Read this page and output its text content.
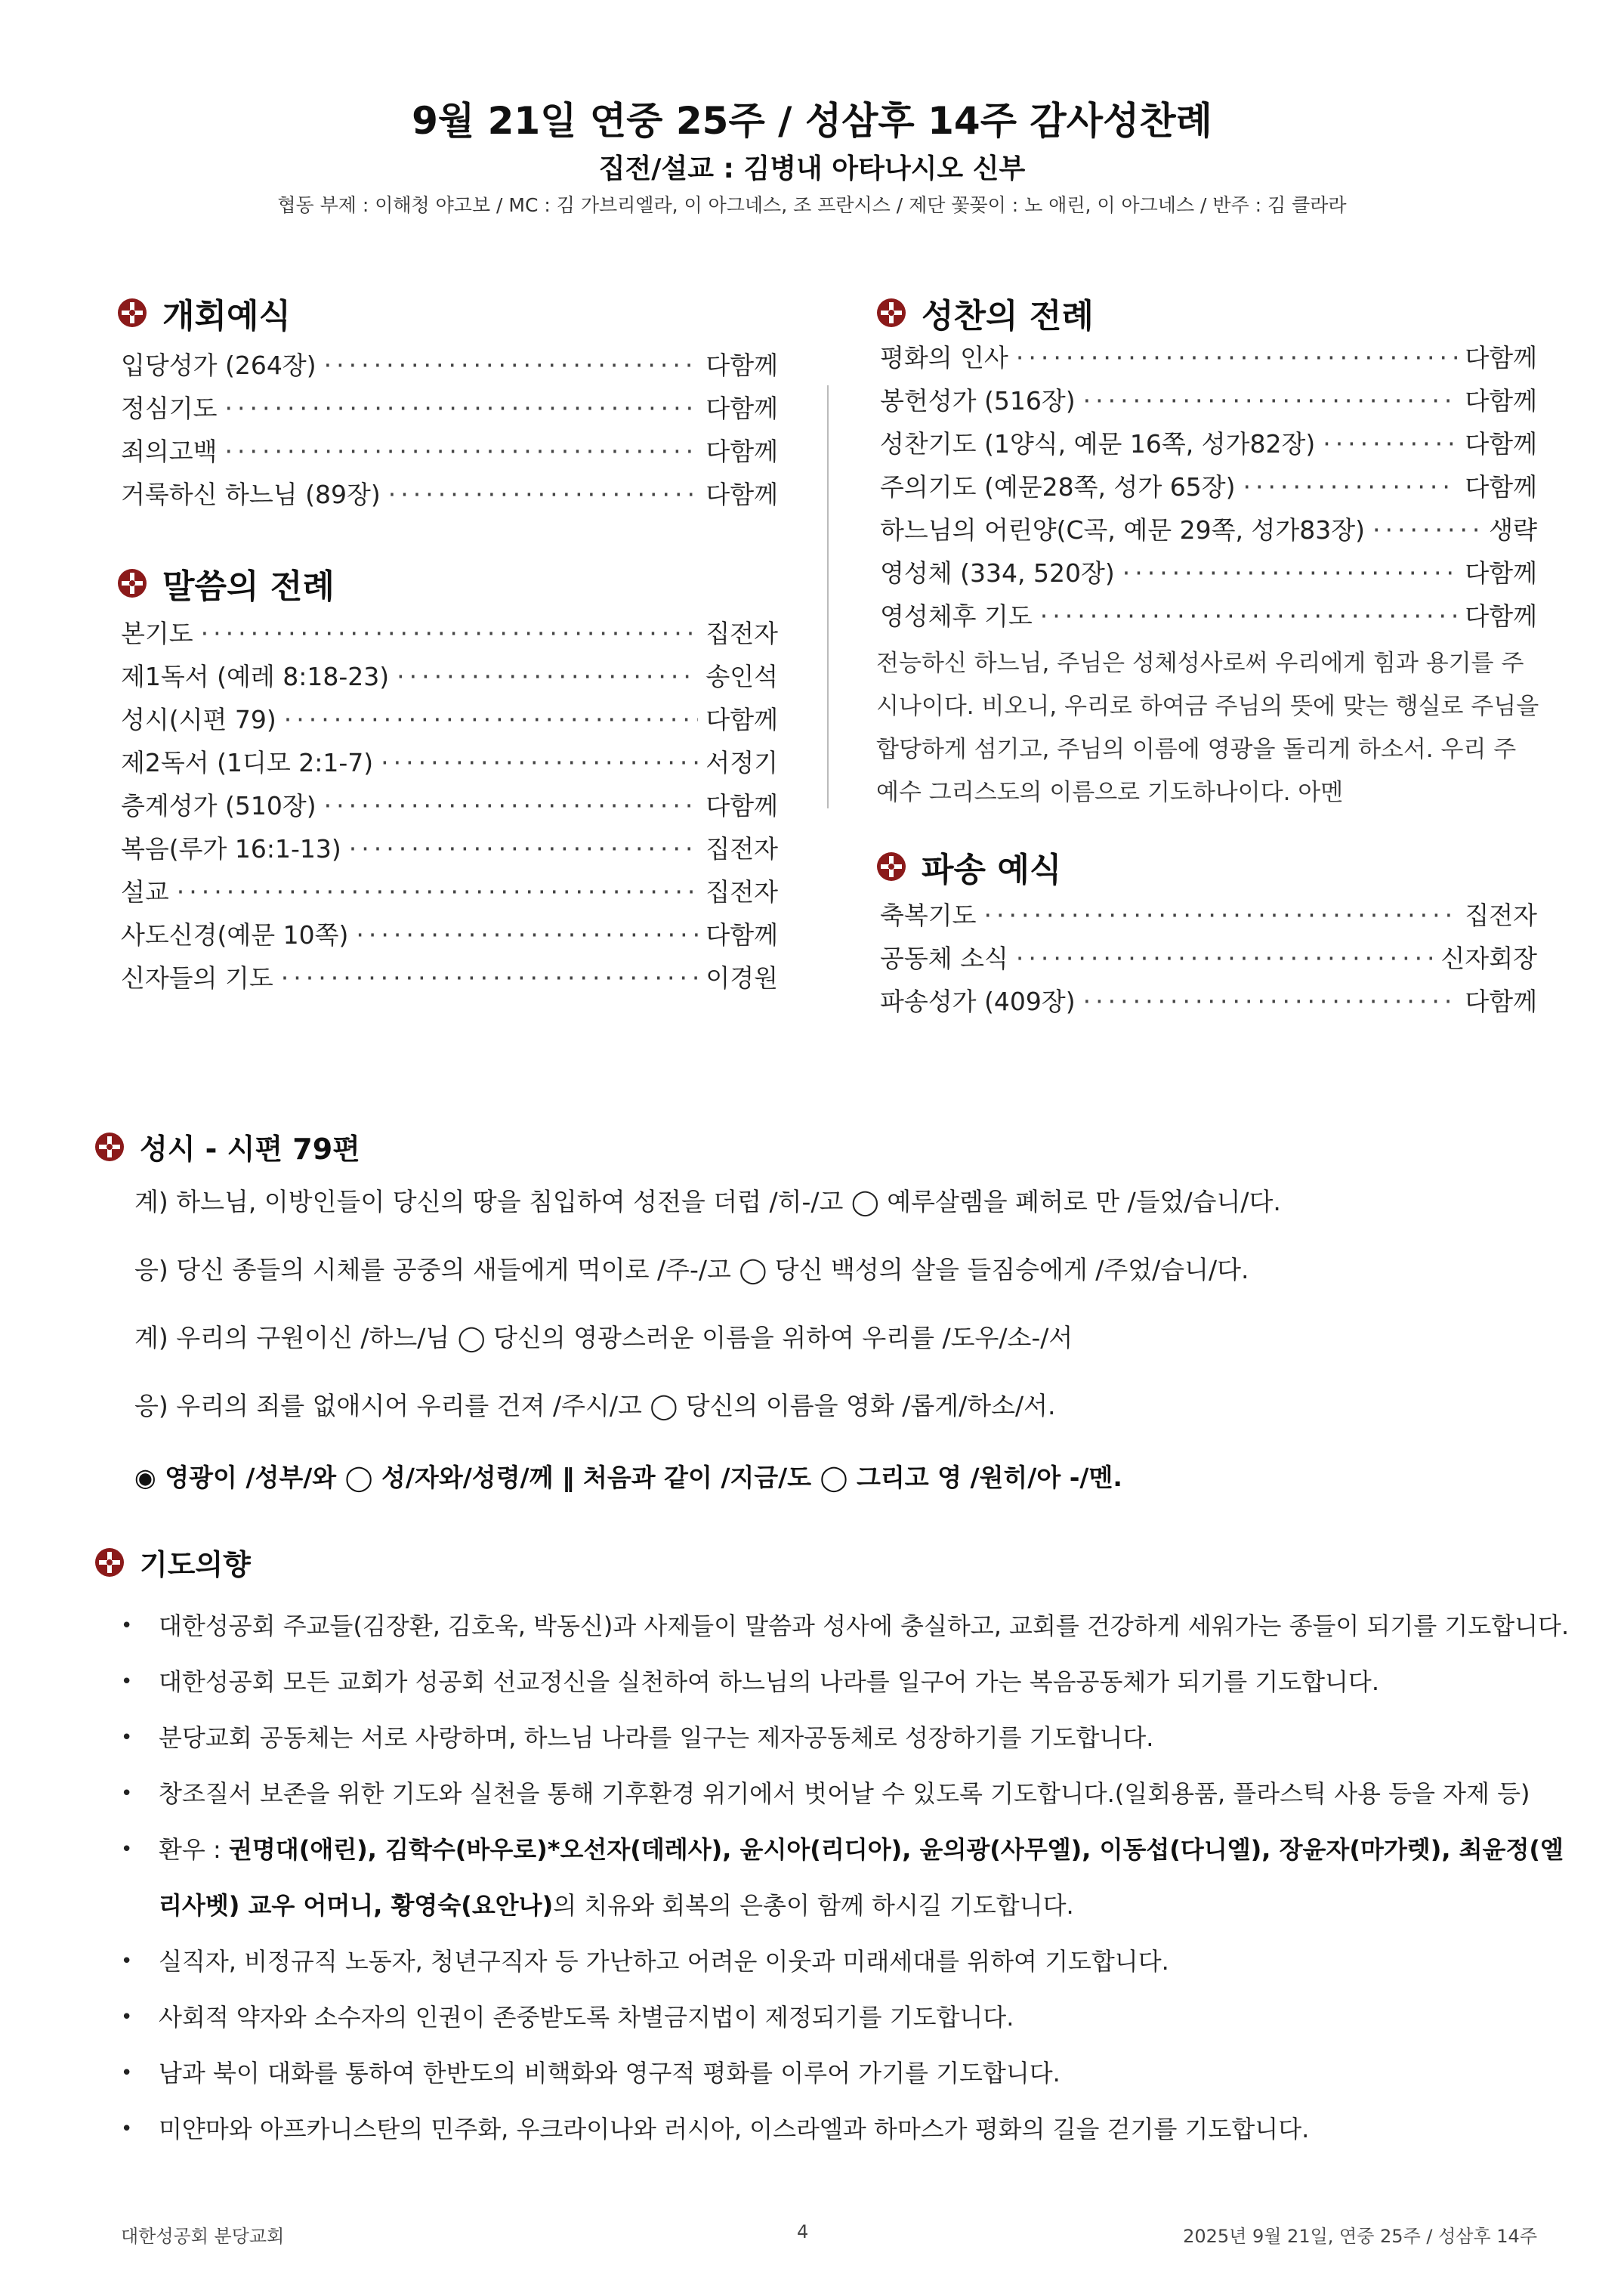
9월 21일 연중 25주 / 성삼후 14주 감사성찬례
집전/설교 : 김병내 아타나시오 신부
협동 부제 : 이해청 야고보 / MC : 김 가브리엘라, 이 아그네스, 조 프란시스 / 제단 꽃꽂이 : 노 애린, 이 아그네스 / 반주 : 김 클라라
개회예식
입당성가 (264장) ·····	다함께
정심기도 ·····	다함께
죄의고백 ·····	다함께
거룩하신 하느님 (89장) ·····	다함께
말씀의 전례
본기도 ·····	집전자
제1독서 (예레 8:18-23) ·····	송인석
성시(시편 79) ·····	다함께
제2독서 (1디모 2:1-7) ·····	서정기
층계성가 (510장) ·····	다함께
복음(루가 16:1-13) ·····	집전자
설교 ·····	집전자
사도신경(예문 10쪽) ·····	다함께
신자들의 기도 ·····	이경원
성찬의 전례
평화의 인사 ·····	다함께
봉헌성가 (516장) ·····	다함께
성찬기도 (1양식, 예문 16쪽, 성가82장) ·····	다함께
주의기도 (예문28쪽, 성가 65장) ·····	다함께
하느님의 어린양(C곡, 예문 29쪽, 성가83장) ·····	생략
영성체 (334, 520장) ·····	다함께
영성체후 기도 ·····	다함께
전능하신 하느님, 주님은 성체성사로써 우리에게 힘과 용기를 주시나이다. 비오니, 우리로 하여금 주님의 뜻에 맞는 행실로 주님을 합당하게 섬기고, 주님의 이름에 영광을 돌리게 하소서. 우리 주 예수 그리스도의 이름으로 기도하나이다. 아멘
파송 예식
축복기도 ·····	집전자
공동체 소식 ·····	신자회장
파송성가 (409장) ·····	다함께
성시 - 시편 79편
계) 하느님, 이방인들이 당신의 땅을 침입하여 성전을 더럽 /히-/고 ◯ 예루살렘을 폐허로 만 /들었/습니/다.
응) 당신 종들의 시체를 공중의 새들에게 먹이로 /주-/고 ◯ 당신 백성의 살을 들짐승에게 /주었/습니/다.
계) 우리의 구원이신 /하느/님 ◯ 당신의 영광스러운 이름을 위하여 우리를 /도우/소-/서
응) 우리의 죄를 없애시어 우리를 건져 /주시/고 ◯ 당신의 이름을 영화 /롭게/하소/서.
◉ 영광이 /성부/와 ◯ 성/자와/성령/께 ‖ 처음과 같이 /지금/도 ◯ 그리고 영 /원히/아 -/멘.
기도의향
•	대한성공회 주교들(김장환, 김호욱, 박동신)과 사제들이 말씀과 성사에 충실하고, 교회를 건강하게 세워가는 종들이 되기를 기도합니다.
•	대한성공회 모든 교회가 성공회 선교정신을 실천하여 하느님의 나라를 일구어 가는 복음공동체가 되기를 기도합니다.
•	분당교회 공동체는 서로 사랑하며, 하느님 나라를 일구는 제자공동체로 성장하기를 기도합니다.
•	창조질서 보존을 위한 기도와 실천을 통해 기후환경 위기에서 벗어날 수 있도록 기도합니다.(일회용품, 플라스틱 사용 등을 자제 등)
•	환우 : 권명대(애린), 김학수(바우로)*오선자(데레사), 윤시아(리디아), 윤의광(사무엘), 이동섭(다니엘), 장윤자(마가렛), 최윤정(엘리사벳) 교우 어머니, 황영숙(요안나)의 치유와 회복의 은총이 함께 하시길 기도합니다.
•	실직자, 비정규직 노동자, 청년구직자 등 가난하고 어려운 이웃과 미래세대를 위하여 기도합니다.
•	사회적 약자와 소수자의 인권이 존중받도록 차별금지법이 제정되기를 기도합니다.
•	남과 북이 대화를 통하여 한반도의 비핵화와 영구적 평화를 이루어 가기를 기도합니다.
•	미얀마와 아프카니스탄의 민주화, 우크라이나와 러시아, 이스라엘과 하마스가 평화의 길을 걷기를 기도합니다.
대한성공회 분당교회	4	2025년 9월 21일, 연중 25주 / 성삼후 14주
